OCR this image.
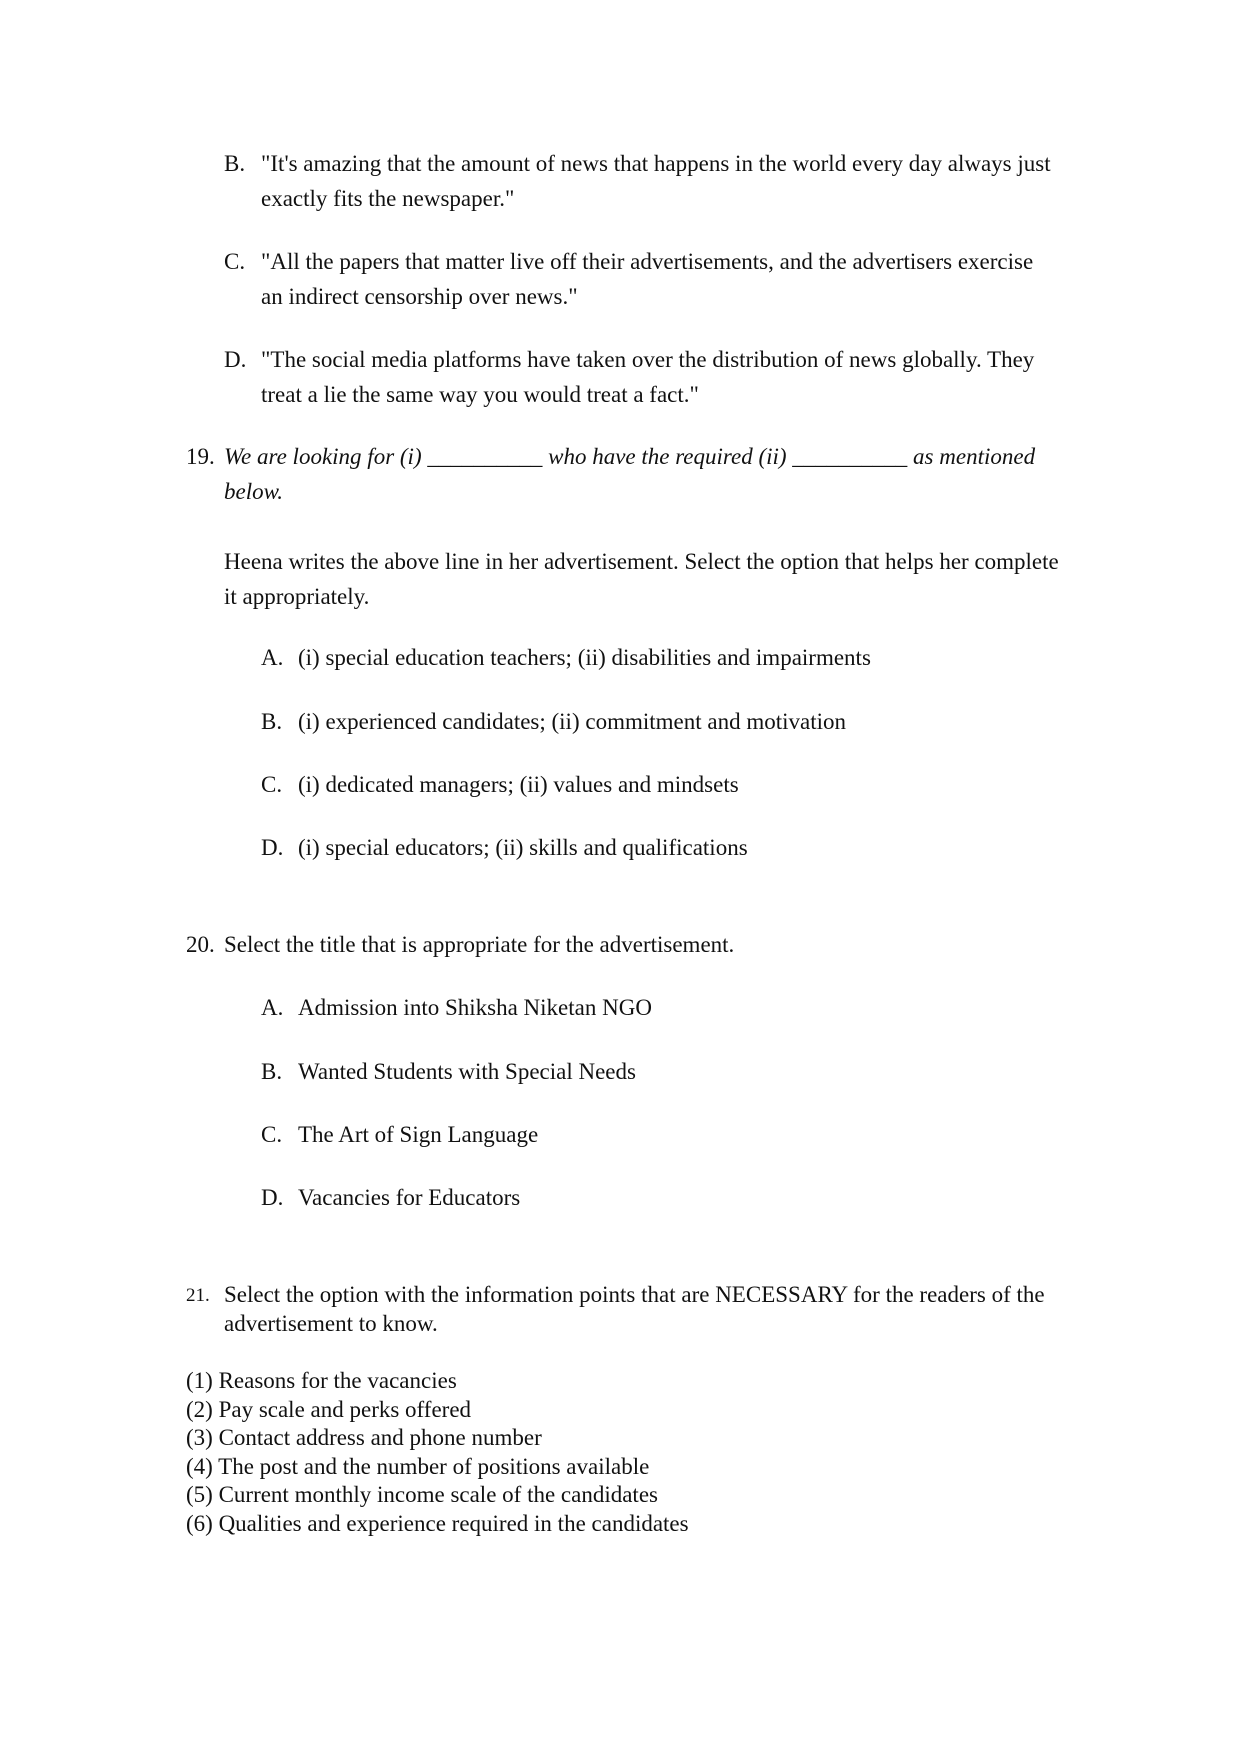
B. "It's amazing that the amount of news that happens in the world every day always just exactly fits the newspaper."
C. "All the papers that matter live off their advertisements, and the advertisers exercise an indirect censorship over news."
D. "The social media platforms have taken over the distribution of news globally. They treat a lie the same way you would treat a fact."
19. We are looking for (i) __________ who have the required (ii) __________ as mentioned below.
Heena writes the above line in her advertisement. Select the option that helps her complete it appropriately.
A. (i) special education teachers; (ii) disabilities and impairments
B. (i) experienced candidates; (ii) commitment and motivation
C. (i) dedicated managers; (ii) values and mindsets
D. (i) special educators; (ii) skills and qualifications
20. Select the title that is appropriate for the advertisement.
A. Admission into Shiksha Niketan NGO
B. Wanted Students with Special Needs
C. The Art of Sign Language
D. Vacancies for Educators
21. Select the option with the information points that are NECESSARY for the readers of the advertisement to know.
(1) Reasons for the vacancies
(2) Pay scale and perks offered
(3) Contact address and phone number
(4) The post and the number of positions available
(5) Current monthly income scale of the candidates
(6) Qualities and experience required in the candidates
